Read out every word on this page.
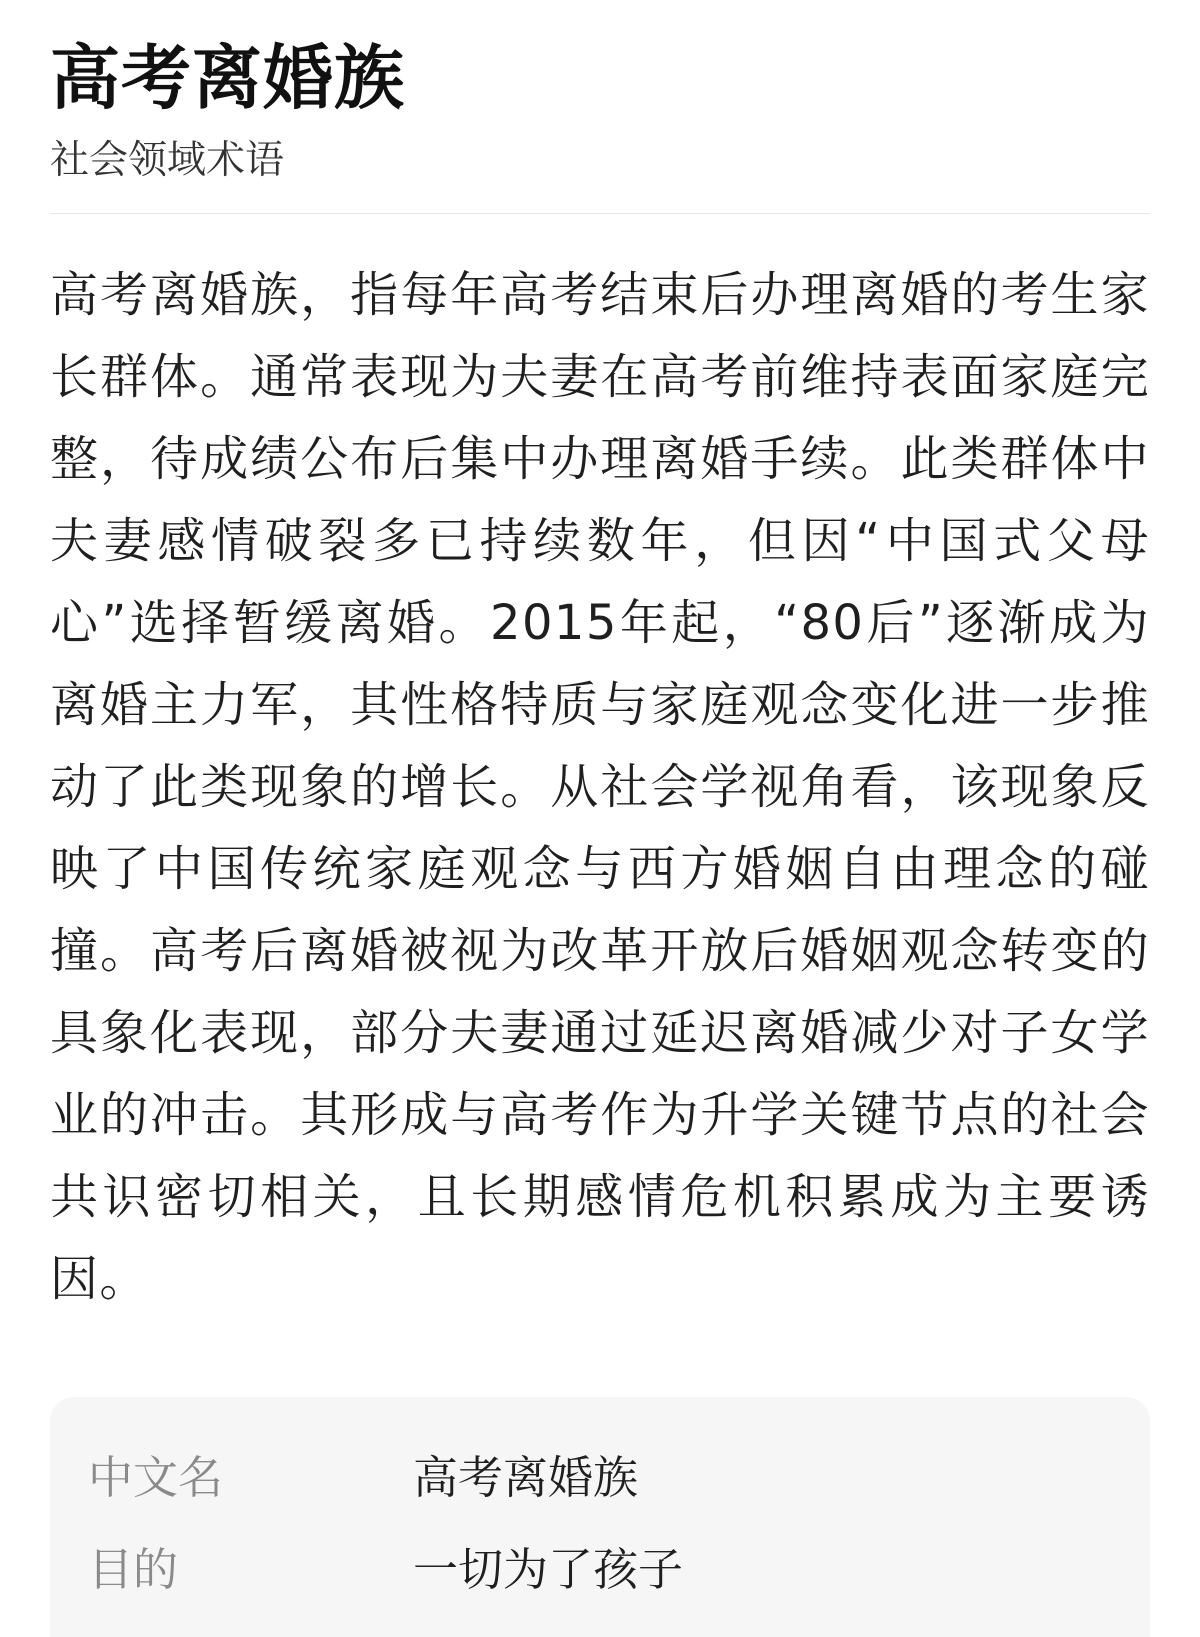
高考离婚族
社会领域术语

高考离婚族，指每年高考结束后办理离婚的考生家长群体。通常表现为夫妻在高考前维持表面家庭完整，待成绩公布后集中办理离婚手续。此类群体中夫妻感情破裂多已持续数年，但因“中国式父母心”选择暂缓离婚。2015年起，“80后”逐渐成为离婚主力军，其性格特质与家庭观念变化进一步推动了此类现象的增长。从社会学视角看，该现象反映了中国传统家庭观念与西方婚姻自由理念的碰撞。高考后离婚被视为改革开放后婚姻观念转变的具象化表现，部分夫妻通过延迟离婚减少对子女学业的冲击。其形成与高考作为升学关键节点的社会共识密切相关，且长期感情危机积累成为主要诱因。

中文名	高考离婚族
目的	一切为了孩子
